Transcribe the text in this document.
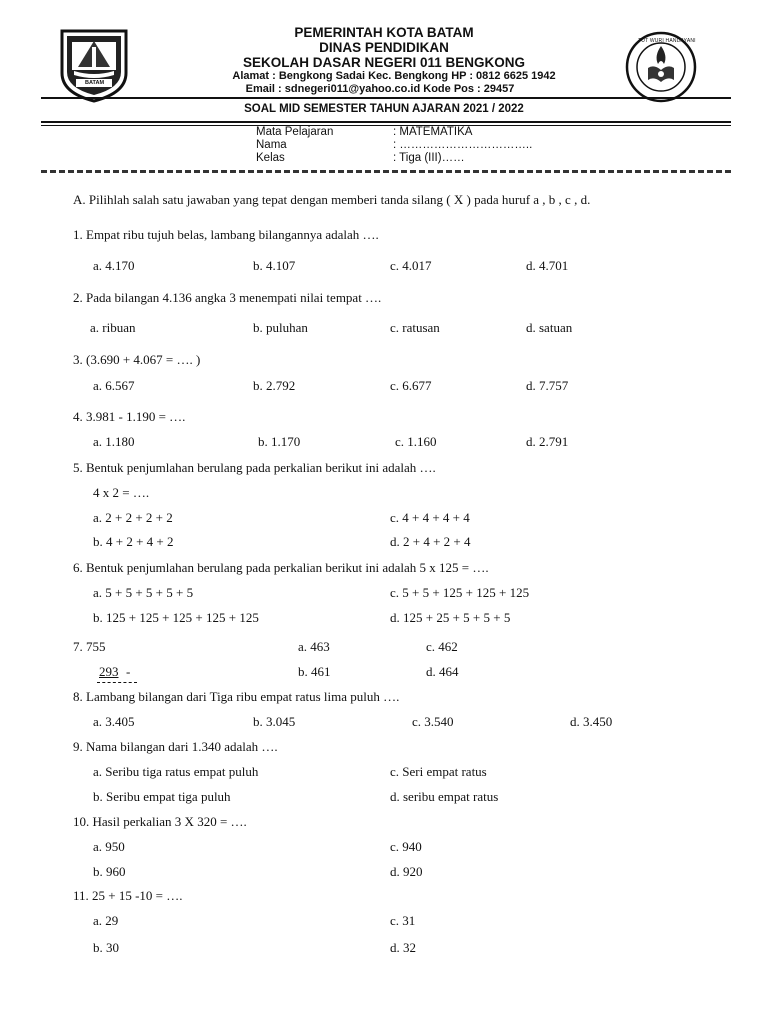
BATAM
TUT WURI HANDAYANI
PEMERINTAH KOTA BATAM
DINAS PENDIDIKAN
SEKOLAH DASAR NEGERI 011 BENGKONG
Alamat : Bengkong Sadai Kec. Bengkong HP : 0812 6625 1942
Email : sdnegeri011@yahoo.co.id Kode Pos : 29457
SOAL MID SEMESTER TAHUN AJARAN 2021 / 2022
Mata Pelajaran	: MATEMATIKA
Nama	: ……………………………..
Kelas	: Tiga (III)……
A. Pilihlah salah satu jawaban yang tepat dengan memberi tanda silang ( X ) pada huruf a , b , c , d.
1. Empat ribu tujuh belas, lambang bilangannya adalah ….
a. 4.170	b. 4.107	c. 4.017	d. 4.701
2. Pada bilangan 4.136 angka 3 menempati nilai tempat ….
a. ribuan	b. puluhan	c. ratusan	d. satuan
3. (3.690 + 4.067 = …. )
a. 6.567	b. 2.792	c. 6.677	d. 7.757
4. 3.981 - 1.190 = ….
a. 1.180	b. 1.170	c. 1.160	d. 2.791
5. Bentuk penjumlahan berulang pada perkalian berikut ini adalah ….
4 x 2 = ….
a. 2 + 2 + 2 + 2	c. 4 + 4 + 4 + 4
b. 4 + 2 + 4 + 2	d. 2 + 4 + 2 + 4
6. Bentuk penjumlahan berulang pada perkalian berikut ini adalah 5 x 125 = ….
a. 5 + 5 + 5 + 5 + 5	c. 5 + 5 + 125 + 125 + 125
b. 125 + 125 + 125 + 125 + 125	d. 125 + 25 + 5 + 5 + 5
7. 755
293 -
a. 463	c. 462
b. 461	d. 464
8. Lambang bilangan dari Tiga ribu empat ratus lima puluh ….
a. 3.405	b. 3.045	c. 3.540	d. 3.450
9. Nama bilangan dari 1.340 adalah ….
a. Seribu tiga ratus empat puluh	c. Seri empat ratus
b. Seribu empat tiga puluh	d. seribu empat ratus
10. Hasil perkalian 3 X 320 = ….
a. 950	c. 940
b. 960	d. 920
11. 25 + 15 -10 = ….
a. 29	c. 31
b. 30	d. 32
